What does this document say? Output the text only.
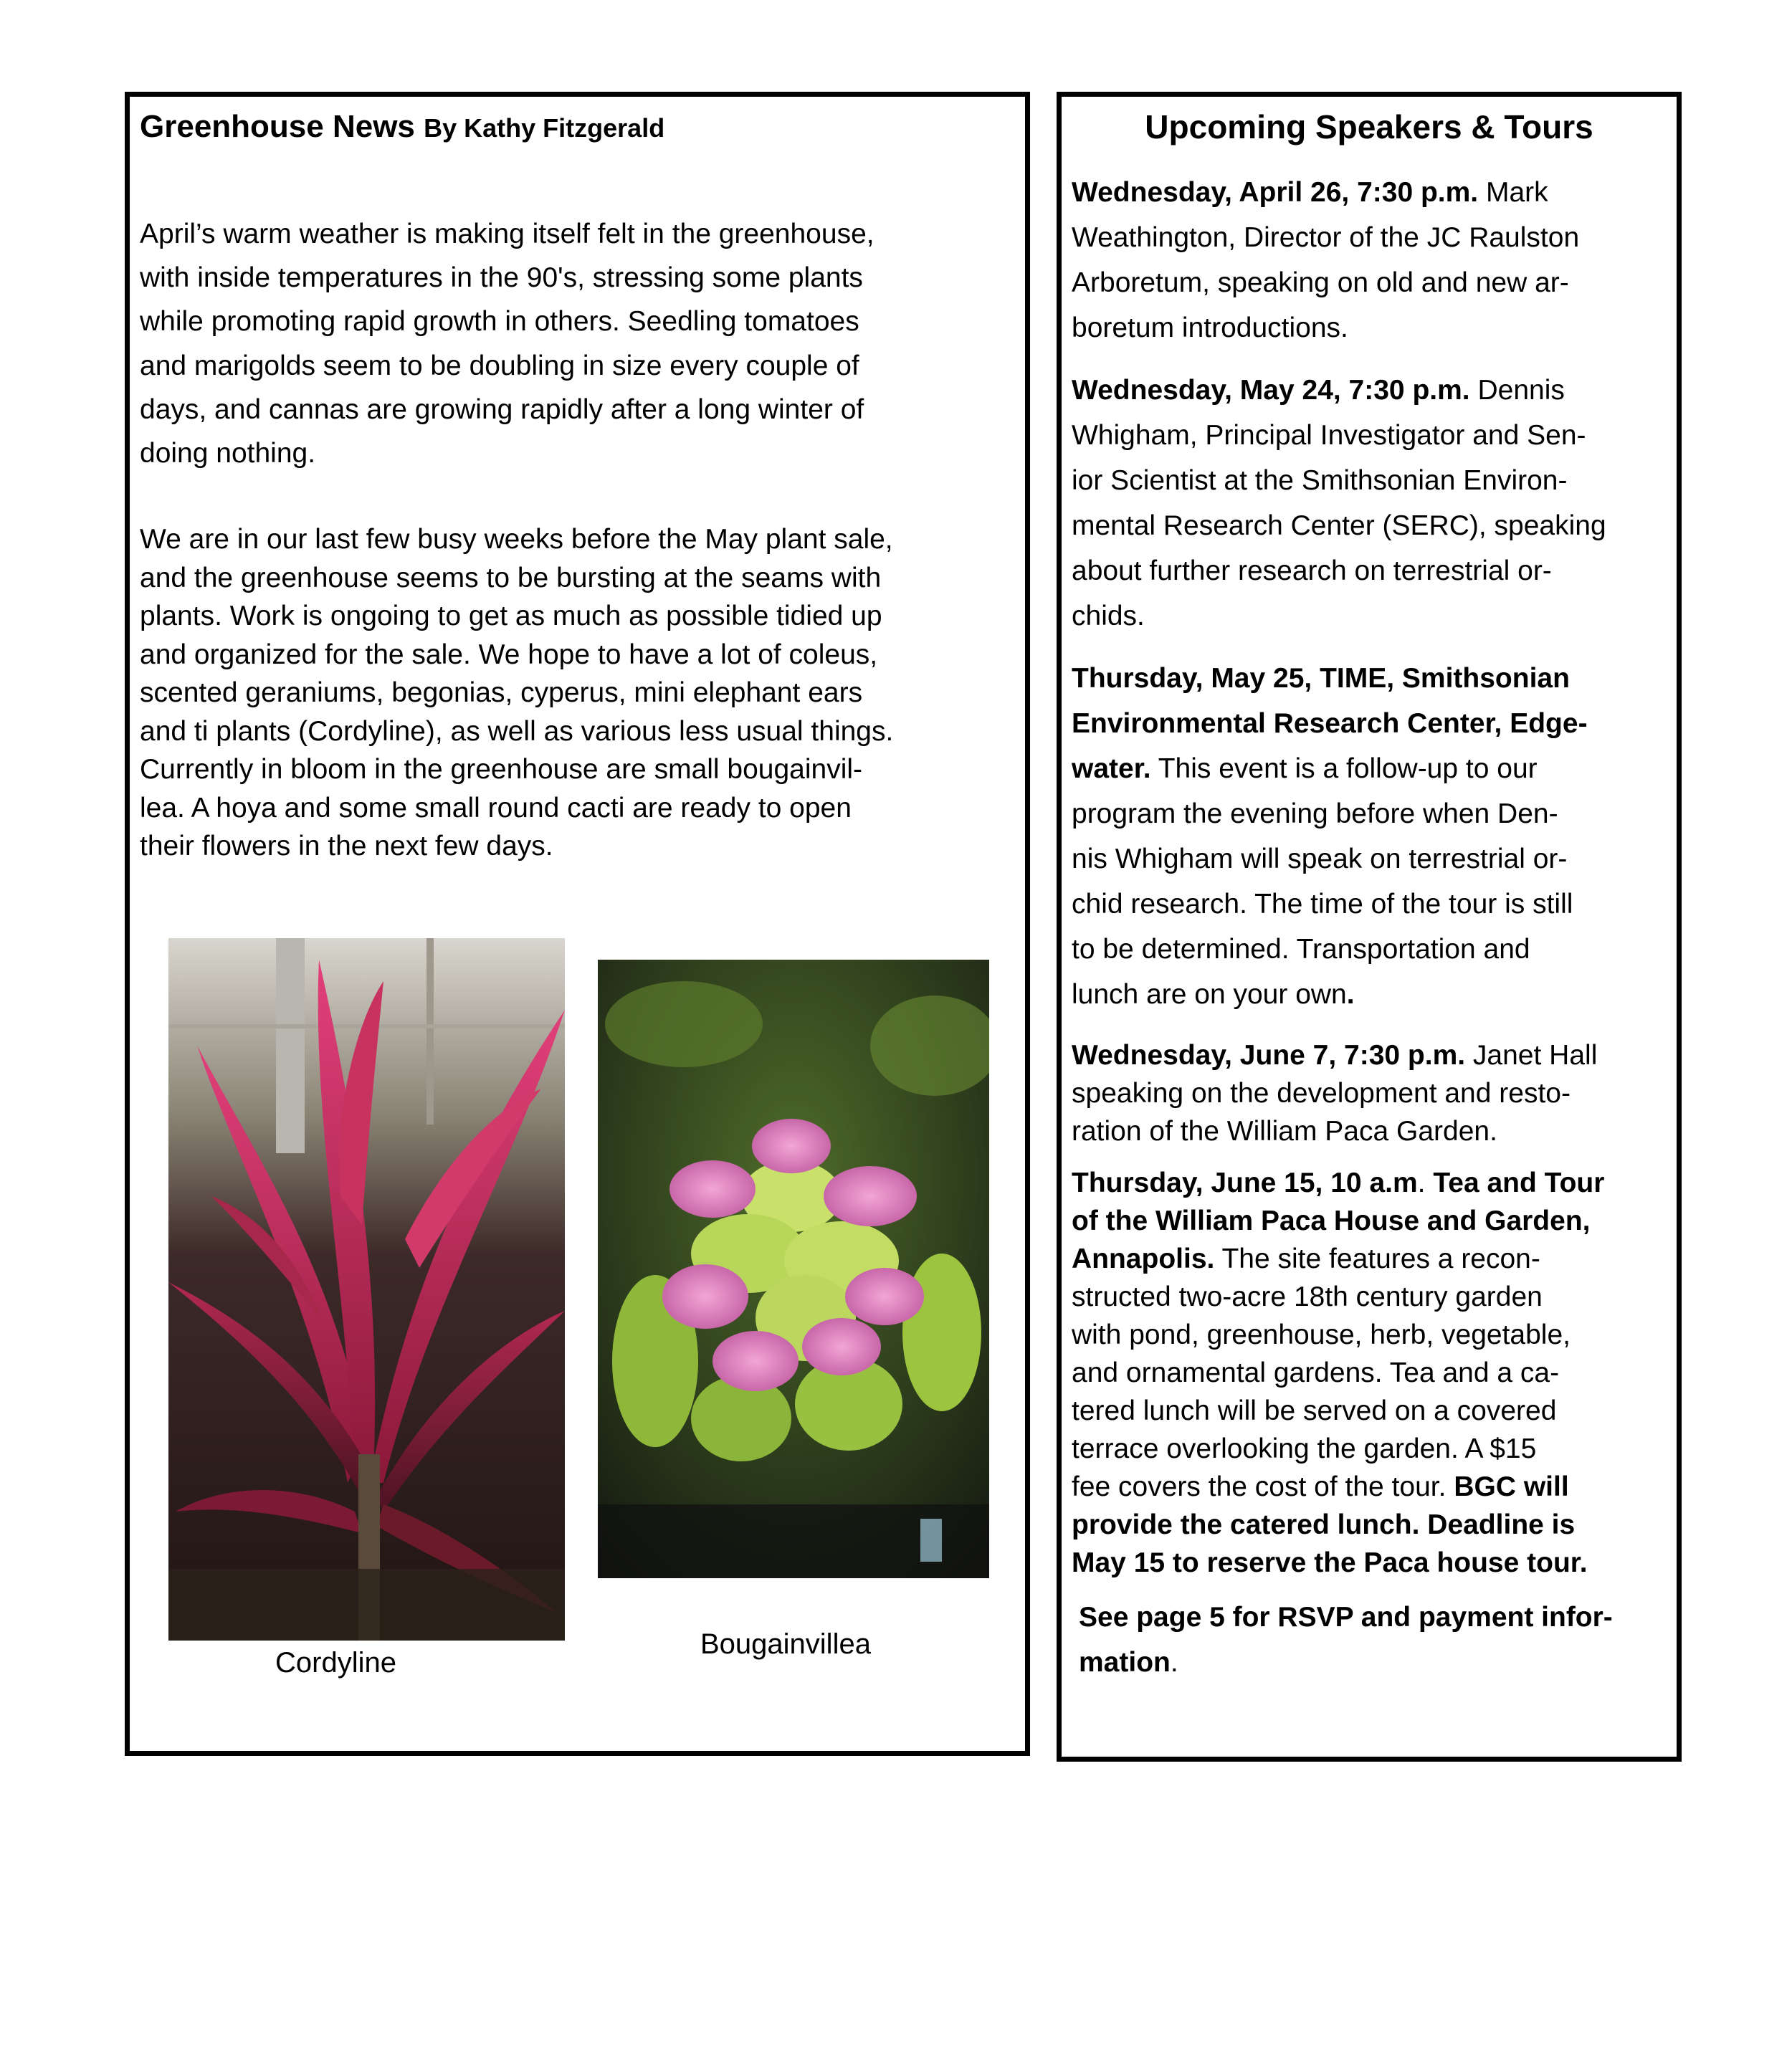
Greenhouse News By Kathy Fitzgerald
April’s warm weather is making itself felt in the greenhouse,
with inside temperatures in the 90's, stressing some plants
while promoting rapid growth in others. Seedling tomatoes
and marigolds seem to be doubling in size every couple of
days, and cannas are growing rapidly after a long winter of
doing nothing.
We are in our last few busy weeks before the May plant sale,
and the greenhouse seems to be bursting at the seams with
plants. Work is ongoing to get as much as possible tidied up
and organized for the sale. We hope to have a lot of coleus,
scented geraniums, begonias, cyperus, mini elephant ears
and ti plants (Cordyline), as well as various less usual things.
Currently in bloom in the greenhouse are small bougainvil-
lea. A hoya and some small round cacti are ready to open
their flowers in the next few days.
Cordyline
Bougainvillea
Upcoming Speakers & Tours
Wednesday, April 26, 7:30 p.m. Mark
Weathington, Director of the JC Raulston
Arboretum, speaking on old and new ar-
boretum introductions.
Wednesday, May 24, 7:30 p.m. Dennis
Whigham, Principal Investigator and Sen-
ior Scientist at the Smithsonian Environ-
mental Research Center (SERC), speaking
about further research on terrestrial or-
chids.
Thursday, May 25, TIME, Smithsonian
Environmental Research Center, Edge-
water. This event is a follow-up to our
program the evening before when Den-
nis Whigham will speak on terrestrial or-
chid research. The time of the tour is still
to be determined. Transportation and
lunch are on your own.
Wednesday, June 7, 7:30 p.m. Janet Hall
speaking on the development and resto-
ration of the William Paca Garden.
Thursday, June 15, 10 a.m. Tea and Tour
of the William Paca House and Garden,
Annapolis. The site features a recon-
structed two-acre 18th century garden
with pond, greenhouse, herb, vegetable,
and ornamental gardens. Tea and a ca-
tered lunch will be served on a covered
terrace overlooking the garden. A $15
fee covers the cost of the tour. BGC will
provide the catered lunch. Deadline is
May 15 to reserve the Paca house tour.
See page 5 for RSVP and payment infor-
mation.
